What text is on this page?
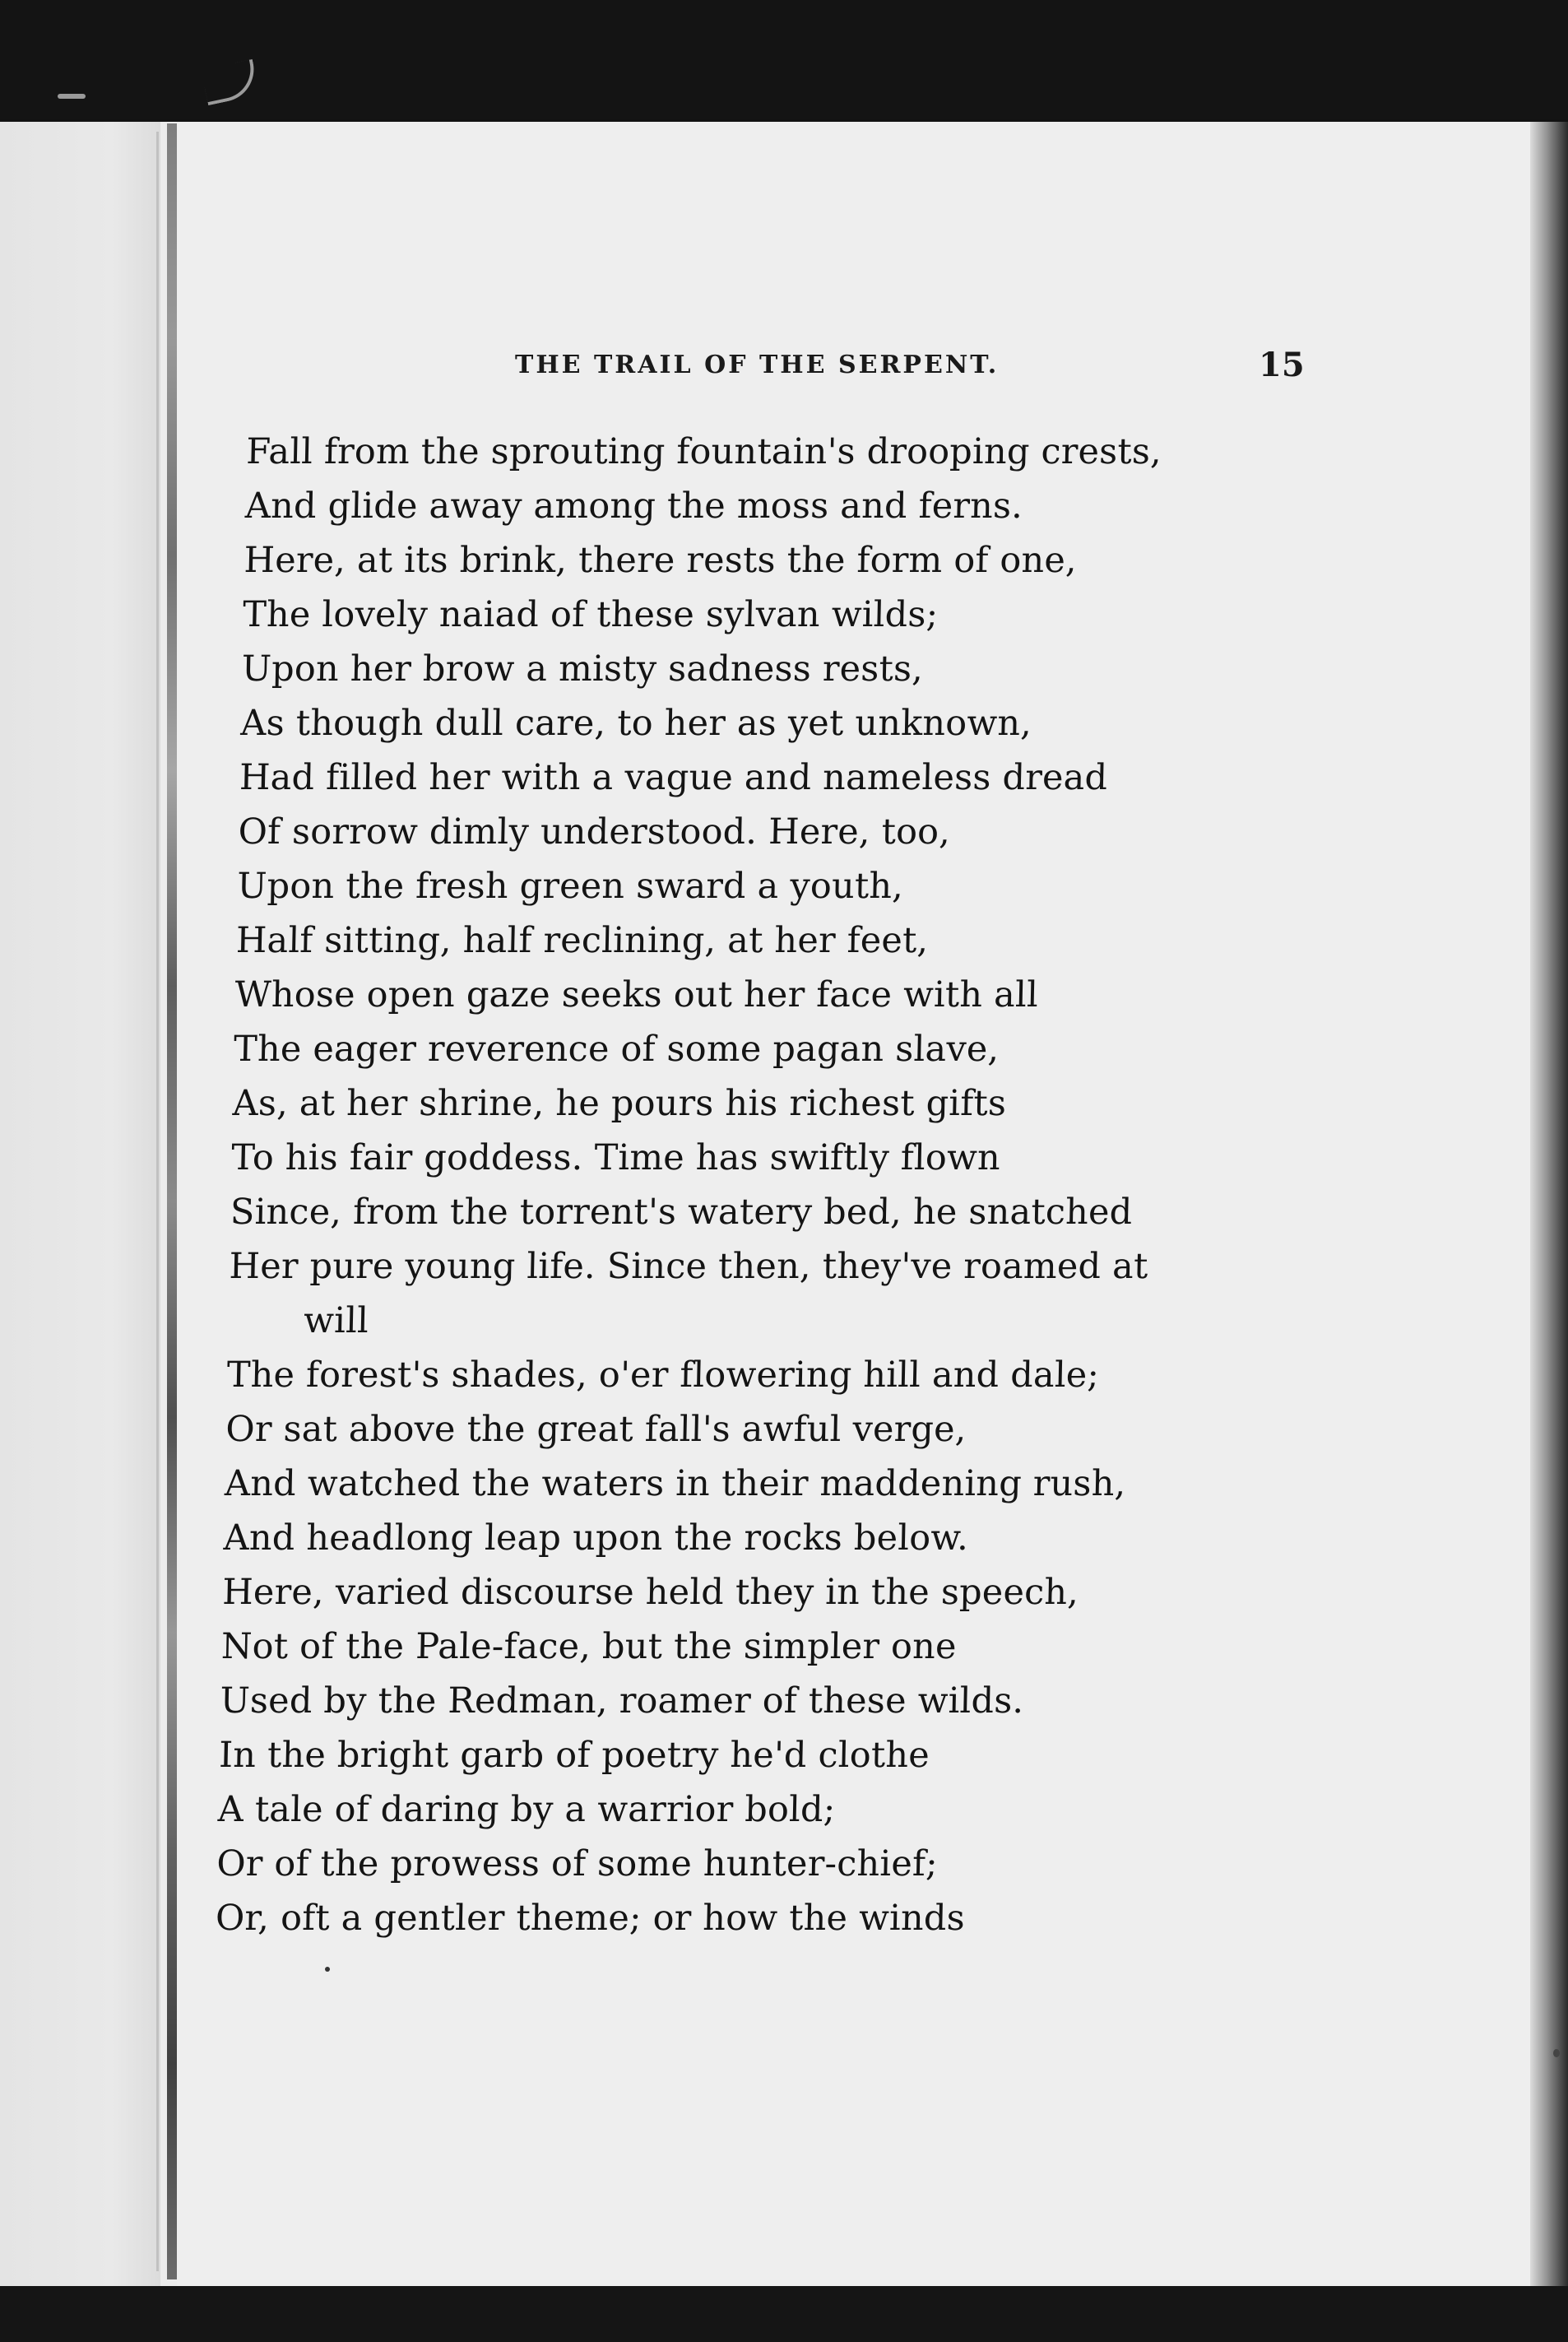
THE TRAIL OF THE SERPENT.	15
Fall from the sprouting fountain's drooping crests,
And glide away among the moss and ferns.
Here, at its brink, there rests the form of one,
The lovely naiad of these sylvan wilds;
Upon her brow a misty sadness rests,
As though dull care, to her as yet unknown,
Had filled her with a vague and nameless dread
Of sorrow dimly understood. Here, too,
Upon the fresh green sward a youth,
Half sitting, half reclining, at her feet,
Whose open gaze seeks out her face with all
The eager reverence of some pagan slave,
As, at her shrine, he pours his richest gifts
To his fair goddess. Time has swiftly flown
Since, from the torrent's watery bed, he snatched
Her pure young life. Since then, they've roamed at
will
The forest's shades, o'er flowering hill and dale;
Or sat above the great fall's awful verge,
And watched the waters in their maddening rush,
And headlong leap upon the rocks below.
Here, varied discourse held they in the speech,
Not of the Pale-face, but the simpler one
Used by the Redman, roamer of these wilds.
In the bright garb of poetry he'd clothe
A tale of daring by a warrior bold;
Or of the prowess of some hunter-chief;
Or, oft a gentler theme; or how the winds
